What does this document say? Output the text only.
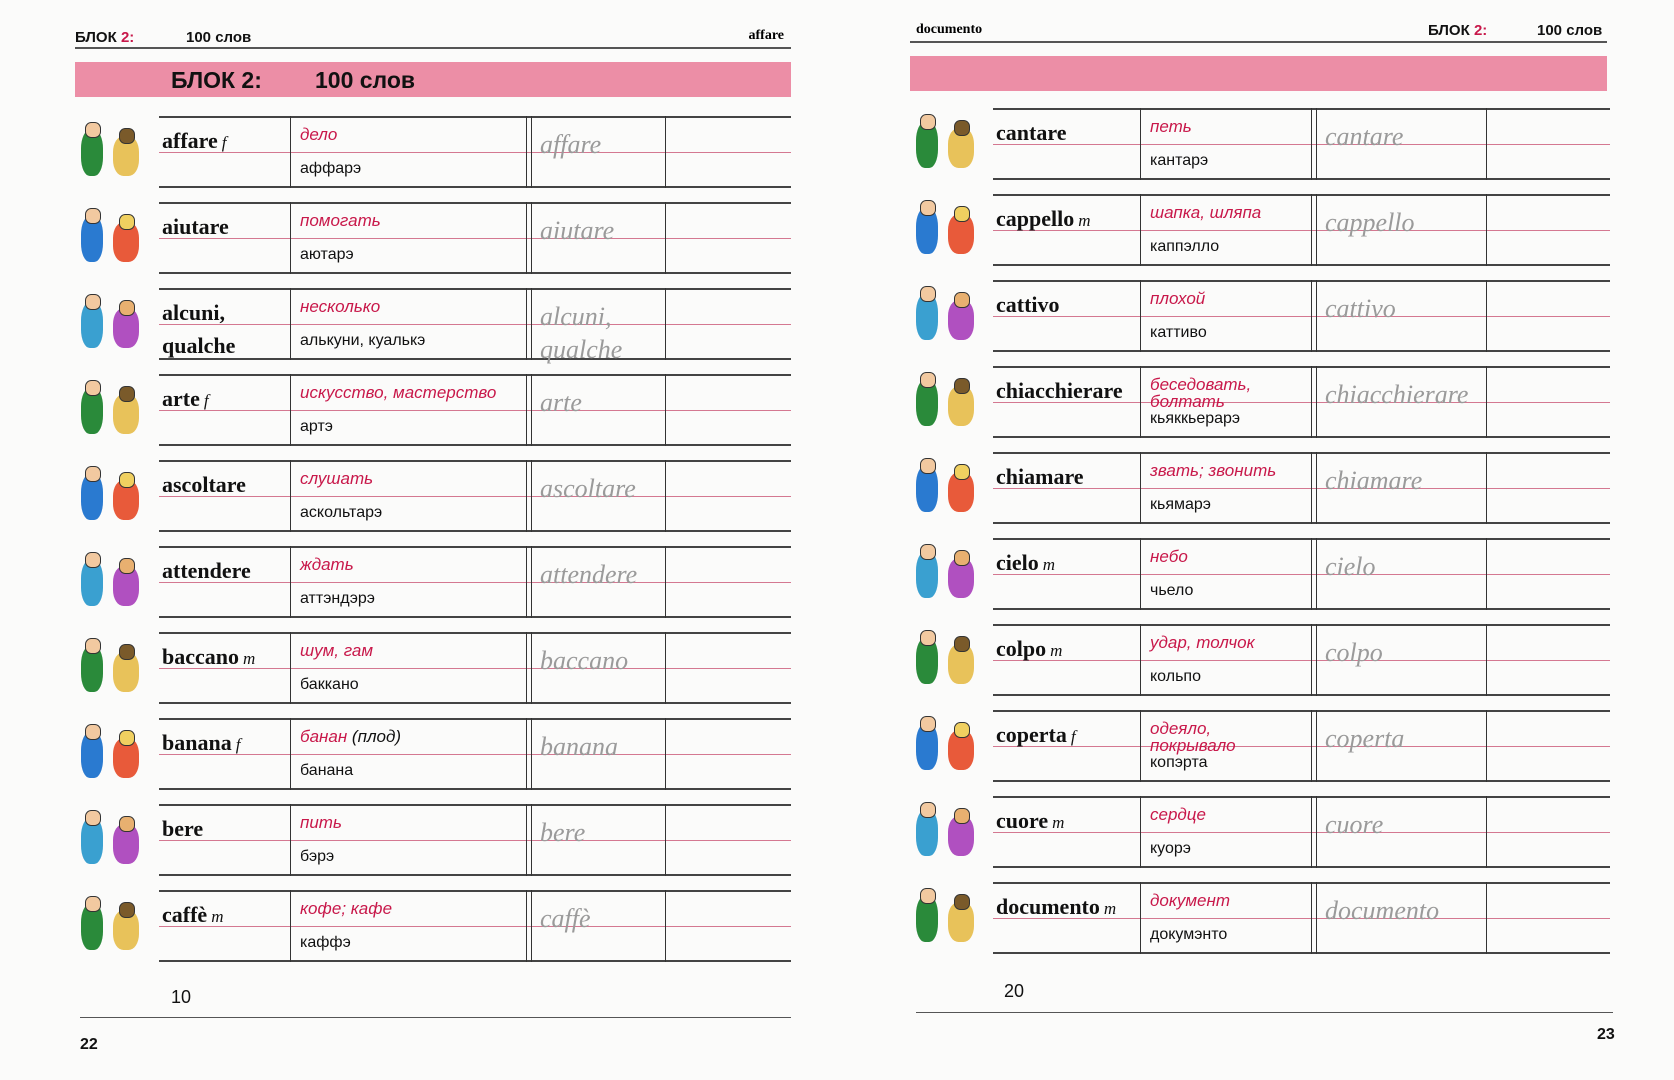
БЛОК 2:	100 слов	affare
БЛОК 2: 100 слов
affare f	дело
аффарэ
affare
aiutare	помогать
аютарэ
aiutare
alcuni,
qualche
несколько
алькуни, куалькэ
alcuni,
qualche
arte f	искусство, мастерство
артэ
arte
ascoltare	слушать
аскольтарэ
ascoltare
attendere	ждать
аттэндэрэ
attendere
baccano m	шум, гам
баккано
baccano
banana f	банан (плод)
банана
banana
bere	пить
бэрэ
bere
caffè m	кофе; кафе
каффэ
caffè
10
22
documento	БЛОК 2:	100 слов
cantare	петь
кантарэ
cantare
cappello m	шапка, шляпа
каппэлло
cappello
cattivo	плохой
каттиво
cattivo
chiacchierare беседовать,
болтать
кьяккьерарэ
chiacchierare
chiamare	звать; звонить
кьямарэ
chiamare
cielo m	небо
чьело
cielo
colpo m	удар, толчок
кольпо
colpo
coperta f	одеяло,
покрывало
копэрта
coperta
cuore m	сердце
куорэ
cuore
documento m документ
докумэнто
documento
20
23
